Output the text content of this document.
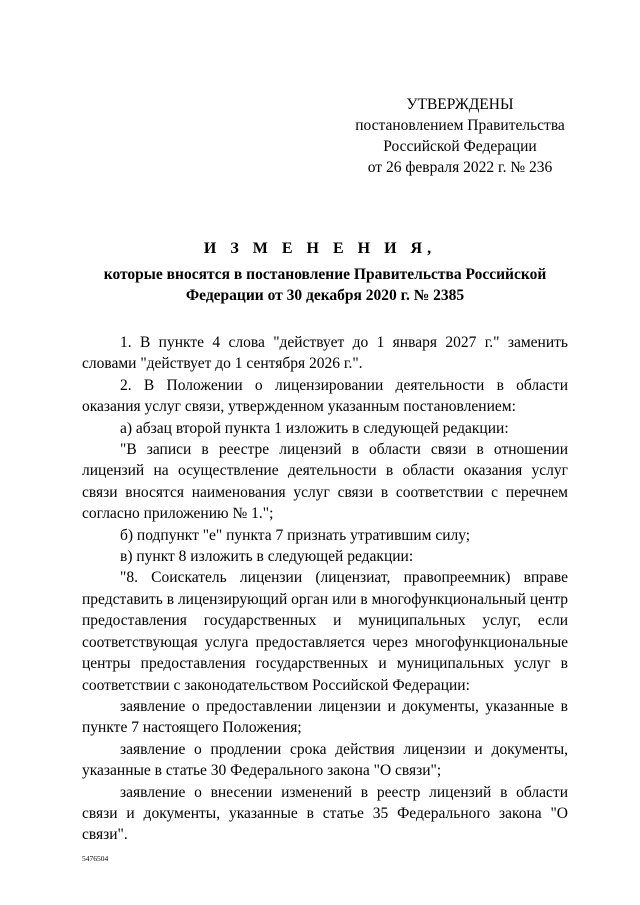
УТВЕРЖДЕНЫ
постановлением Правительства
Российской Федерации
от 26 февраля 2022 г. № 236
И З М Е Н Е Н И Я,
которые вносятся в постановление Правительства Российской Федерации от 30 декабря 2020 г. № 2385

1. В пункте 4 слова "действует до 1 января 2027 г." заменить словами "действует до 1 сентября 2026 г.".

2. В Положении о лицензировании деятельности в области оказания услуг связи, утвержденном указанным постановлением:

а) абзац второй пункта 1 изложить в следующей редакции:

"В записи в реестре лицензий в области связи в отношении лицензий на осуществление деятельности в области оказания услуг связи вносятся наименования услуг связи в соответствии с перечнем согласно приложению № 1.";

б) подпункт "е" пункта 7 признать утратившим силу;

в) пункт 8 изложить в следующей редакции:

"8. Соискатель лицензии (лицензиат, правопреемник) вправе представить в лицензирующий орган или в многофункциональный центр предоставления государственных и муниципальных услуг, если соответствующая услуга предоставляется через многофункциональные центры предоставления государственных и муниципальных услуг в соответствии с законодательством Российской Федерации:

заявление о предоставлении лицензии и документы, указанные в пункте 7 настоящего Положения;

заявление о продлении срока действия лицензии и документы, указанные в статье 30 Федерального закона "О связи";

заявление о внесении изменений в реестр лицензий в области связи и документы, указанные в статье 35 Федерального закона "О связи".

5476504
